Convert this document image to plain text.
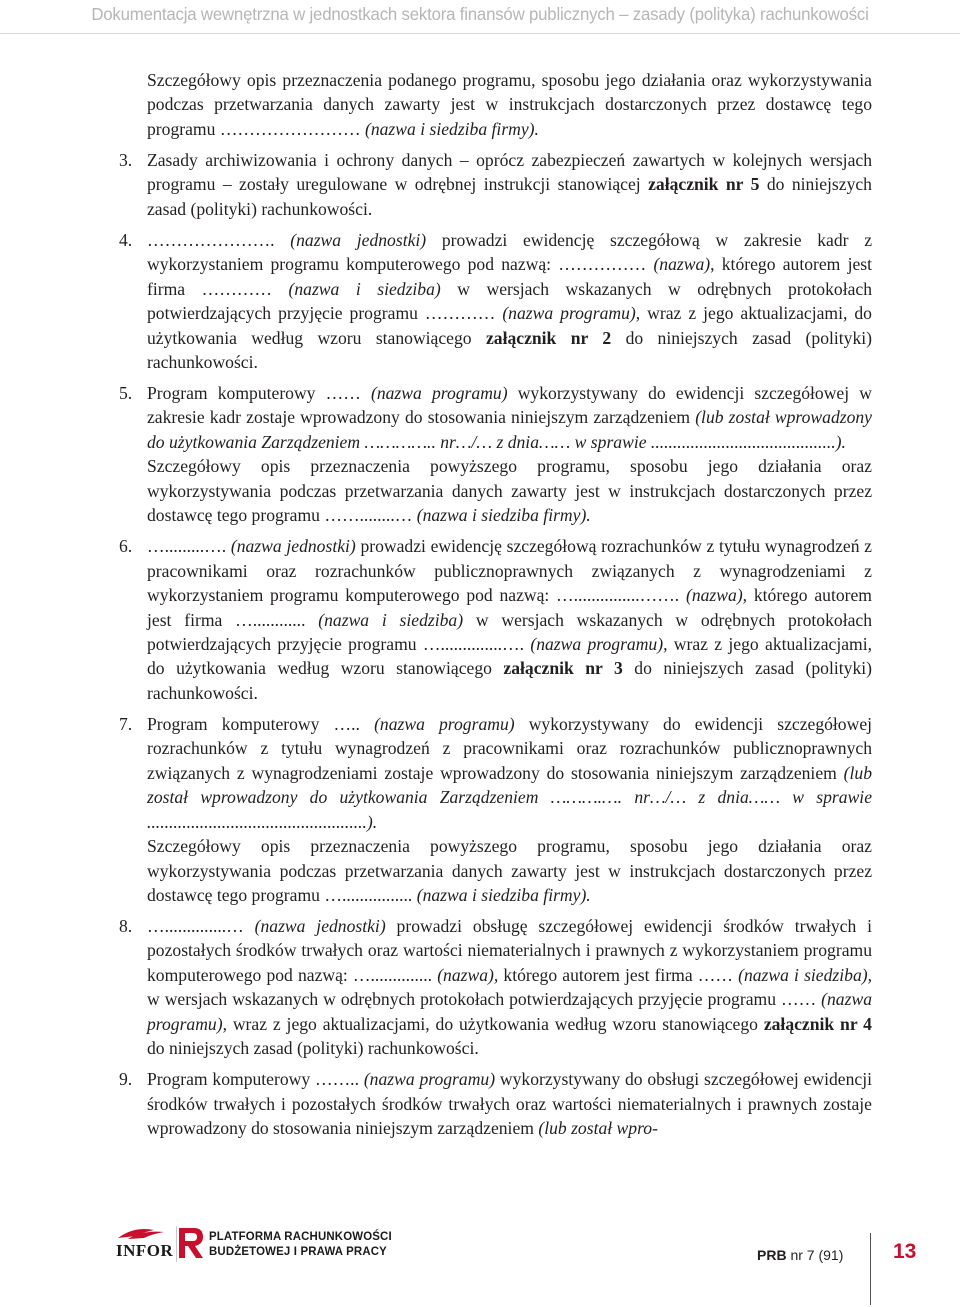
Dokumentacja wewnętrzna w jednostkach sektora finansów publicznych – zasady (polityka) rachunkowości

Szczegółowy opis przeznaczenia podanego programu, sposobu jego działania oraz wykorzystywania podczas przetwarzania danych zawarty jest w instrukcjach dostarczonych przez dostawcę tego programu …………………… (nazwa i siedziba firmy).

3. Zasady archiwizowania i ochrony danych – oprócz zabezpieczeń zawartych w kolejnych wersjach programu – zostały uregulowane w odrębnej instrukcji stanowiącej załącznik nr 5 do niniejszych zasad (polityki) rachunkowości.

4. …………………. (nazwa jednostki) prowadzi ewidencję szczegółową w zakresie kadr z wykorzystaniem programu komputerowego pod nazwą: …………… (nazwa), którego autorem jest firma ………… (nazwa i siedziba) w wersjach wskazanych w odrębnych protokołach potwierdzających przyjęcie programu ………… (nazwa programu), wraz z jego aktualizacjami, do użytkowania według wzoru stanowiącego załącznik nr 2 do niniejszych zasad (polityki) rachunkowości.

5. Program komputerowy …… (nazwa programu) wykorzystywany do ewidencji szczegółowej w zakresie kadr zostaje wprowadzony do stosowania niniejszym zarządzeniem (lub został wprowadzony do użytkowania Zarządzeniem ………….. nr…/… z dnia…… w sprawie ..........................................).

Szczegółowy opis przeznaczenia powyższego programu, sposobu jego działania oraz wykorzystywania podczas przetwarzania danych zawarty jest w instrukcjach dostarczonych przez dostawcę tego programu ……........… (nazwa i siedziba firmy).

6. ….........…. (nazwa jednostki) prowadzi ewidencję szczegółową rozrachunków z tytułu wynagrodzeń z pracownikami oraz rozrachunków publicznoprawnych związanych z wynagrodzeniami z wykorzystaniem programu komputerowego pod nazwą: …...............……. (nazwa), którego autorem jest firma …............ (nazwa i siedziba) w wersjach wskazanych w odrębnych protokołach potwierdzających przyjęcie programu …..............…. (nazwa programu), wraz z jego aktualizacjami, do użytkowania według wzoru stanowiącego załącznik nr 3 do niniejszych zasad (polityki) rachunkowości.

7. Program komputerowy ….. (nazwa programu) wykorzystywany do ewidencji szczegółowej rozrachunków z tytułu wynagrodzeń z pracownikami oraz rozrachunków publicznoprawnych związanych z wynagrodzeniami zostaje wprowadzony do stosowania niniejszym zarządzeniem (lub został wprowadzony do użytkowania Zarządzeniem ……….…. nr…/… z dnia…… w sprawie ..................................................).

Szczegółowy opis przeznaczenia powyższego programu, sposobu jego działania oraz wykorzystywania podczas przetwarzania danych zawarty jest w instrukcjach dostarczonych przez dostawcę tego programu …................ (nazwa i siedziba firmy).

8. …..............… (nazwa jednostki) prowadzi obsługę szczegółowej ewidencji środków trwałych i pozostałych środków trwałych oraz wartości niematerialnych i prawnych z wykorzystaniem programu komputerowego pod nazwą: ….............. (nazwa), którego autorem jest firma …… (nazwa i siedziba), w wersjach wskazanych w odrębnych protokołach potwierdzających przyjęcie programu …… (nazwa programu), wraz z jego aktualizacjami, do użytkowania według wzoru stanowiącego załącznik nr 4 do niniejszych zasad (polityki) rachunkowości.

9. Program komputerowy …….. (nazwa programu) wykorzystywany do obsługi szczegółowej ewidencji środków trwałych i pozostałych środków trwałych oraz wartości niematerialnych i prawnych zostaje wprowadzony do stosowania niniejszym zarządzeniem (lub został wpro-

INFOR
PLATFORMA RACHUNKOWOŚCI
BUDŻETOWEJ I PRAWA PRACY	PRB nr 7 (91) 13
